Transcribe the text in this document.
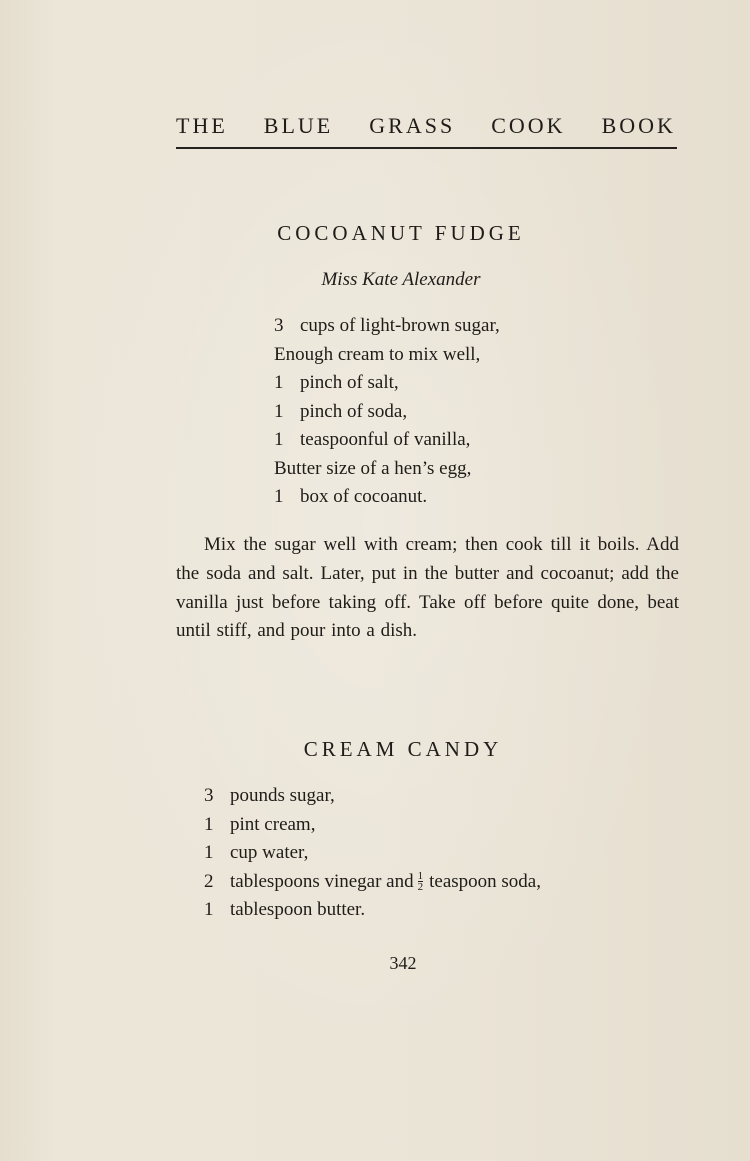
THE BLUE GRASS COOK BOOK
COCOANUT FUDGE
Miss Kate Alexander
3 cups of light-brown sugar,
Enough cream to mix well,
1 pinch of salt,
1 pinch of soda,
1 teaspoonful of vanilla,
Butter size of a hen’s egg,
1 box of cocoanut.

Mix the sugar well with cream; then cook till it boils. Add the soda and salt. Later, put in the butter and cocoanut; add the vanilla just before taking off. Take off before quite done, beat until stiff, and pour into a dish.

CREAM CANDY
3 pounds sugar,
1 pint cream,
1 cup water,
2 tablespoons vinegar and $\frac{1}{2}$ teaspoon soda,
1 tablespoon butter.
342
